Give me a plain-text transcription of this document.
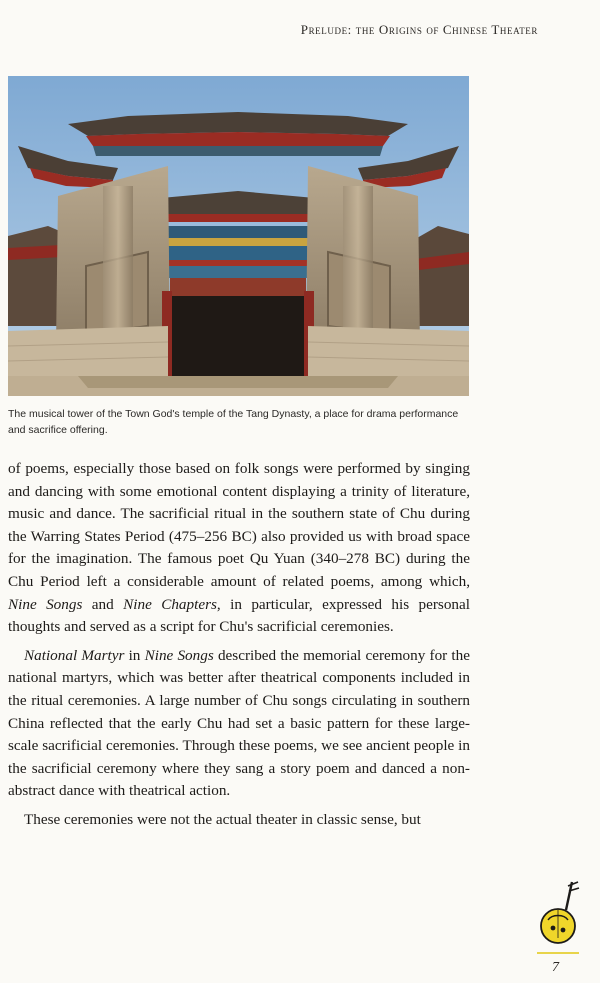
Prelude: the Origins of Chinese Theater

The musical tower of the Town God's temple of the Tang Dynasty, a place for drama performance and sacrifice offering.

of poems, especially those based on folk songs were performed by singing and dancing with some emotional content displaying a trinity of literature, music and dance. The sacrificial ritual in the southern state of Chu during the Warring States Period (475–256 BC) also provided us with broad space for the imagination. The famous poet Qu Yuan (340–278 BC) during the Chu Period left a considerable amount of related poems, among which, Nine Songs and Nine Chapters, in particular, expressed his personal thoughts and served as a script for Chu's sacrificial ceremonies.

National Martyr in Nine Songs described the memorial ceremony for the national martyrs, which was better after theatrical components included in the ritual ceremonies. A large number of Chu songs circulating in southern China reflected that the early Chu had set a basic pattern for these large-scale sacrificial ceremonies. Through these poems, we see ancient people in the sacrificial ceremony where they sang a story poem and danced a non-abstract dance with theatrical action.

These ceremonies were not the actual theater in classic sense, but

7
